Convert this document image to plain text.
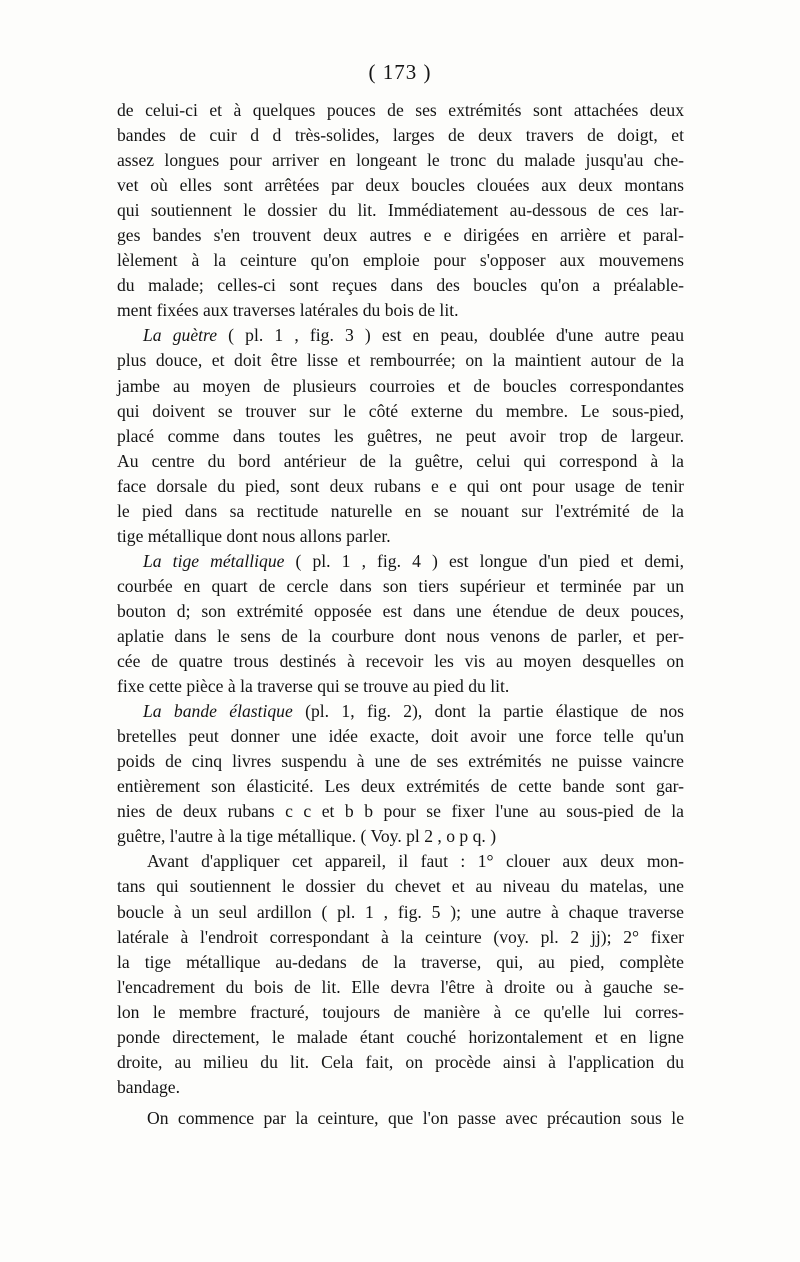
( 173 )
de celui-ci et à quelques pouces de ses extrémités sont attachées deux
bandes de cuir d d très-solides, larges de deux travers de doigt, et
assez longues pour arriver en longeant le tronc du malade jusqu'au che-
vet où elles sont arrêtées par deux boucles clouées aux deux montans
qui soutiennent le dossier du lit. Immédiatement au-dessous de ces lar-
ges bandes s'en trouvent deux autres e e dirigées en arrière et paral-
lèlement à la ceinture qu'on emploie pour s'opposer aux mouvemens
du malade; celles-ci sont reçues dans des boucles qu'on a préalable-
ment fixées aux traverses latérales du bois de lit.
La guètre ( pl. 1 , fig. 3 ) est en peau, doublée d'une autre peau
plus douce, et doit être lisse et rembourrée; on la maintient autour de la
jambe au moyen de plusieurs courroies et de boucles correspondantes
qui doivent se trouver sur le côté externe du membre. Le sous-pied,
placé comme dans toutes les guêtres, ne peut avoir trop de largeur.
Au centre du bord antérieur de la guêtre, celui qui correspond à la
face dorsale du pied, sont deux rubans e e qui ont pour usage de tenir
le pied dans sa rectitude naturelle en se nouant sur l'extrémité de la
tige métallique dont nous allons parler.
La tige métallique ( pl. 1 , fig. 4 ) est longue d'un pied et demi,
courbée en quart de cercle dans son tiers supérieur et terminée par un
bouton d; son extrémité opposée est dans une étendue de deux pouces,
aplatie dans le sens de la courbure dont nous venons de parler, et per-
cée de quatre trous destinés à recevoir les vis au moyen desquelles on
fixe cette pièce à la traverse qui se trouve au pied du lit.
La bande élastique (pl. 1, fig. 2), dont la partie élastique de nos
bretelles peut donner une idée exacte, doit avoir une force telle qu'un
poids de cinq livres suspendu à une de ses extrémités ne puisse vaincre
entièrement son élasticité. Les deux extrémités de cette bande sont gar-
nies de deux rubans c c et b b pour se fixer l'une au sous-pied de la
guêtre, l'autre à la tige métallique. ( Voy. pl 2 , o p q. )
Avant d'appliquer cet appareil, il faut : 1° clouer aux deux mon-
tans qui soutiennent le dossier du chevet et au niveau du matelas, une
boucle à un seul ardillon ( pl. 1 , fig. 5 ); une autre à chaque traverse
latérale à l'endroit correspondant à la ceinture (voy. pl. 2 jj); 2° fixer
la tige métallique au-dedans de la traverse, qui, au pied, complète
l'encadrement du bois de lit. Elle devra l'être à droite ou à gauche se-
lon le membre fracturé, toujours de manière à ce qu'elle lui corres-
ponde directement, le malade étant couché horizontalement et en ligne
droite, au milieu du lit. Cela fait, on procède ainsi à l'application du
bandage.
On commence par la ceinture, que l'on passe avec précaution sous le
